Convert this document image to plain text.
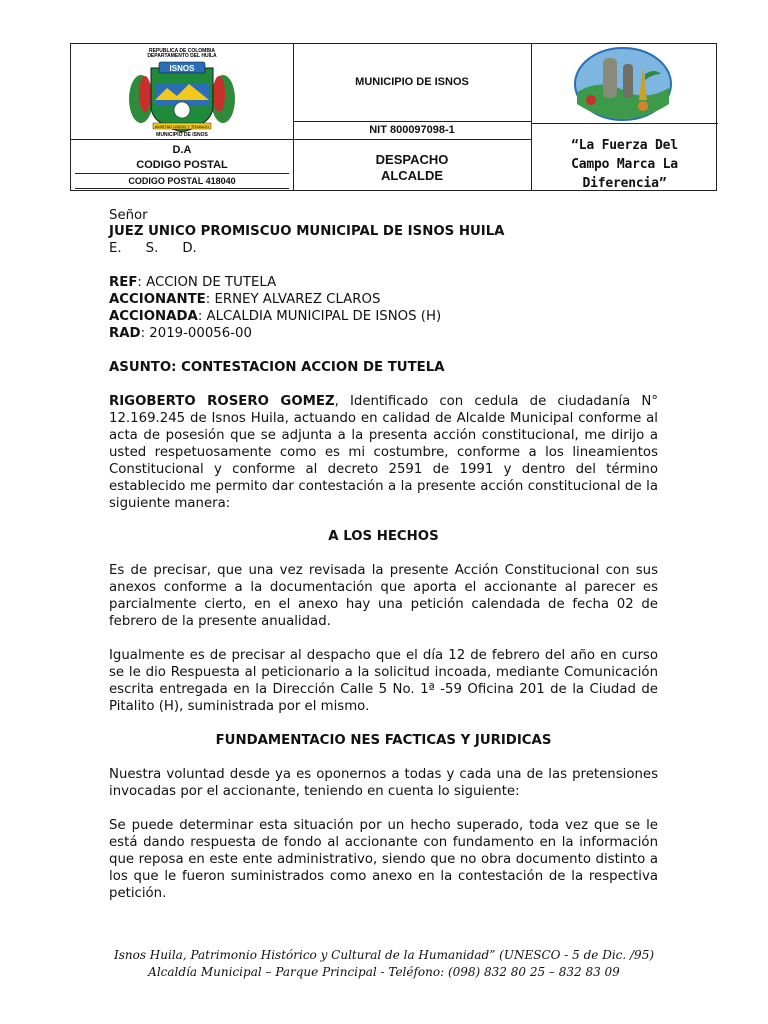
REPUBLICA DE COLOMBIA
DEPARTAMENTO DEL HUILA
ISNOS
AMISTAD UNION Y TRABAJO
MUNICIPIO DE ISNOS
D.A
CODIGO POSTAL
CODIGO POSTAL 418040
MUNICIPIO DE ISNOS
NIT 800097098-1
DESPACHO
ALCALDE
“La Fuerza Del
Campo Marca La
Diferencia”
Señor
JUEZ UNICO PROMISCUO MUNICIPAL DE ISNOS HUILA
E. S. D.
REF: ACCION DE TUTELA
ACCIONANTE: ERNEY ALVAREZ CLAROS
ACCIONADA: ALCALDIA MUNICIPAL DE ISNOS (H)
RAD: 2019-00056-00
ASUNTO: CONTESTACION ACCION DE TUTELA
RIGOBERTO ROSERO GOMEZ, Identificado con cedula de ciudadanía N° 12.169.245 de Isnos Huila, actuando en calidad de Alcalde Municipal conforme al acta de posesión que se adjunta a la presenta acción constitucional, me dirijo a usted respetuosamente como es mi costumbre, conforme a los lineamientos Constitucional y conforme al decreto 2591 de 1991 y dentro del término establecido me permito dar contestación a la presente acción constitucional de la siguiente manera:
A LOS HECHOS
Es de precisar, que una vez revisada la presente Acción Constitucional con sus anexos conforme a la documentación que aporta el accionante al parecer es parcialmente cierto, en el anexo hay una petición calendada de fecha 02 de febrero de la presente anualidad.
Igualmente es de precisar al despacho que el día 12 de febrero del año en curso se le dio Respuesta al peticionario a la solicitud incoada, mediante Comunicación escrita entregada en la Dirección Calle 5 No. 1ª -59 Oficina 201 de la Ciudad de Pitalito (H), suministrada por el mismo.
FUNDAMENTACIO NES FACTICAS Y JURIDICAS
Nuestra voluntad desde ya es oponernos a todas y cada una de las pretensiones invocadas por el accionante, teniendo en cuenta lo siguiente:
Se puede determinar esta situación por un hecho superado, toda vez que se le está dando respuesta de fondo al accionante con fundamento en la información que reposa en este ente administrativo, siendo que no obra documento distinto a los que le fueron suministrados como anexo en la contestación de la respectiva petición.
Isnos Huila, Patrimonio Histórico y Cultural de la Humanidad” (UNESCO - 5 de Dic. /95)
Alcaldía Municipal – Parque Principal - Teléfono: (098) 832 80 25 – 832 83 09
